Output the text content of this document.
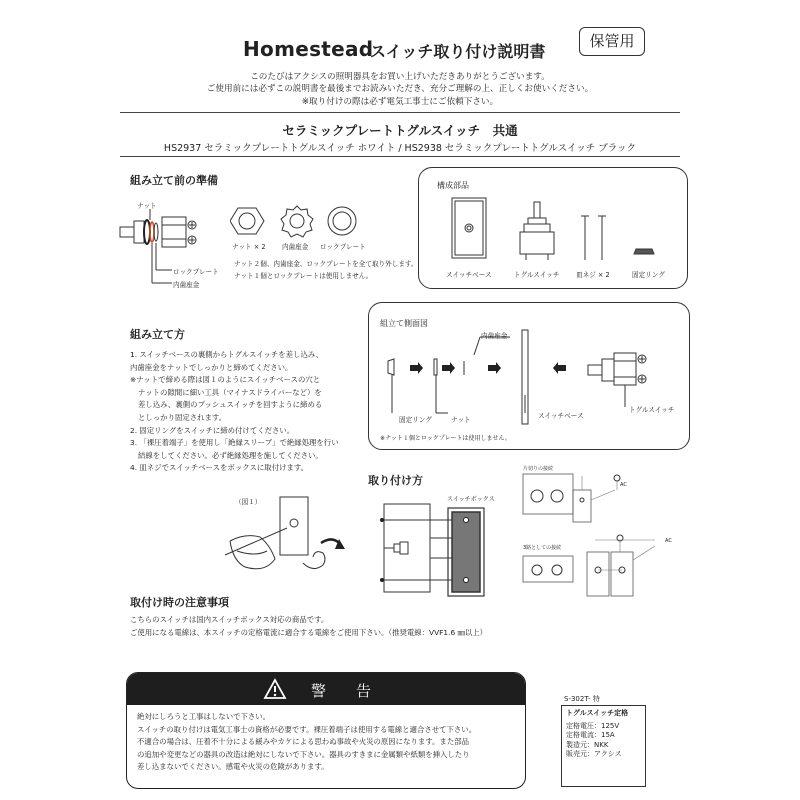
Homestead
スイッチ取り付け説明書
保管用
このたびはアクシスの照明器具をお買い上げいただきありがとうございます。
ご使用前には必ずこの説明書を最後までお読みいただき、充分ご理解の上、正しくお使いください。
※取り付けの際は必ず電気工事士にご依頼下さい。
セラミックプレートトグルスイッチ　共通
HS2937 セラミックプレートトグルスイッチ ホワイト / HS2938 セラミックプレートトグルスイッチ ブラック
組み立て前の準備
ナット
ロックプレート
内歯座金
ナット × 2 内歯座金 ロックプレート
ナット２個、内歯座金、ロックプレートを全て取り外します。
ナット１個とロックプレートは使用しません。
構成部品
スイッチベース	トグルスイッチ	皿ネジ × 2	固定リング
組み立て方
1. スイッチベースの裏側からトグルスイッチを差し込み、
内歯座金をナットでしっかりと締めてください。
※ナットで締める際は図１のようにスイッチベースの穴と
ナットの隙間に細い工具（マイナスドライバーなど）を
差し込み、裏側のプッシュスイッチを回すように締める
としっかり固定されます。
2. 固定リングをスイッチに締め付けてください。
3. 「裸圧着端子」を使用し「絶縁スリーブ」で絶縁処理を行い
結線をしてください。必ず絶縁処理を施してください。
4. 皿ネジでスイッチベースをボックスに取付けます。
（図１）
組立て側面図
内歯座金
固定リング	ナット	スイッチベース
トグルスイッチ
※ナット１個とロックプレートは使用しません。
取り付け方
スイッチボックス
片切りの接続
3路としての接続
AC
AC
取付け時の注意事項
こちらのスイッチは国内スイッチボックス対応の商品です。
ご使用になる電線は、本スイッチの定格電流に適合する電線をご使用下さい。（推奨電線：VVF1.6 ㎜以上）
警　　告
絶対にしろうと工事はしないで下さい。
スイッチの取り付けは電気工事士の資格が必要です。裸圧着端子は使用する電線と適合させて下さい。
不適合の場合は、圧着不十分による緩みやカケによる思わぬ事故や火災の原因になります。また部品
の追加や変更などの器具の改造は絶対にしないで下さい。器具のすきまに金属類や紙類を挿入したり
差し込まないでください。感電や火災の危険があります。
S-302T- 特
トグルスイッチ定格
定格電圧：125V
定格電流：15A
製造元：NKK
販売元：アクシス
